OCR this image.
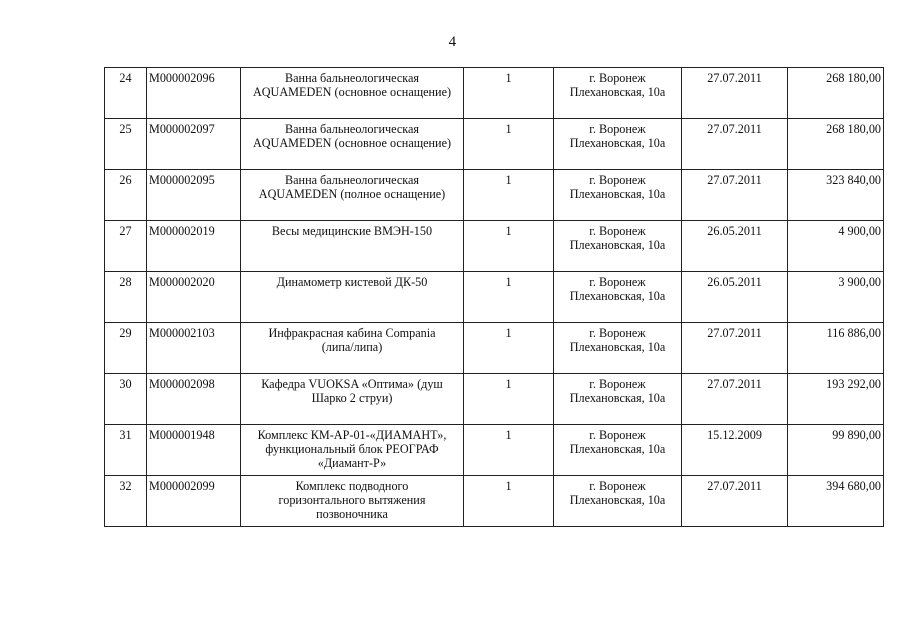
4
24	М000002096	Ванна бальнеологическая
AQUAMEDEN (основное оснащение)	1	г. Воронеж
Плехановская, 10а	27.07.2011	268 180,00
25	М000002097	Ванна бальнеологическая
AQUAMEDEN (основное оснащение)	1	г. Воронеж
Плехановская, 10а	27.07.2011	268 180,00
26	М000002095	Ванна бальнеологическая
AQUAMEDEN (полное оснащение)	1	г. Воронеж
Плехановская, 10а	27.07.2011	323 840,00
27	М000002019	Весы медицинские ВМЭН-150	1	г. Воронеж
Плехановская, 10а	26.05.2011	4 900,00
28	М000002020	Динамометр кистевой ДК-50	1	г. Воронеж
Плехановская, 10а	26.05.2011	3 900,00
29	М000002103	Инфракрасная кабина Compania
(липа/липа)	1	г. Воронеж
Плехановская, 10а	27.07.2011	116 886,00
30	М000002098	Кафедра VUOKSA «Оптима» (душ
Шарко 2 струи)	1	г. Воронеж
Плехановская, 10а	27.07.2011	193 292,00
31	М000001948	Комплекс КМ-АР-01-«ДИАМАНТ»,
функциональный блок РЕОГРАФ
«Диамант-Р»	1	г. Воронеж
Плехановская, 10а	15.12.2009	99 890,00
32	М000002099	Комплекс подводного
горизонтального вытяжения
позвоночника	1	г. Воронеж
Плехановская, 10а	27.07.2011	394 680,00
